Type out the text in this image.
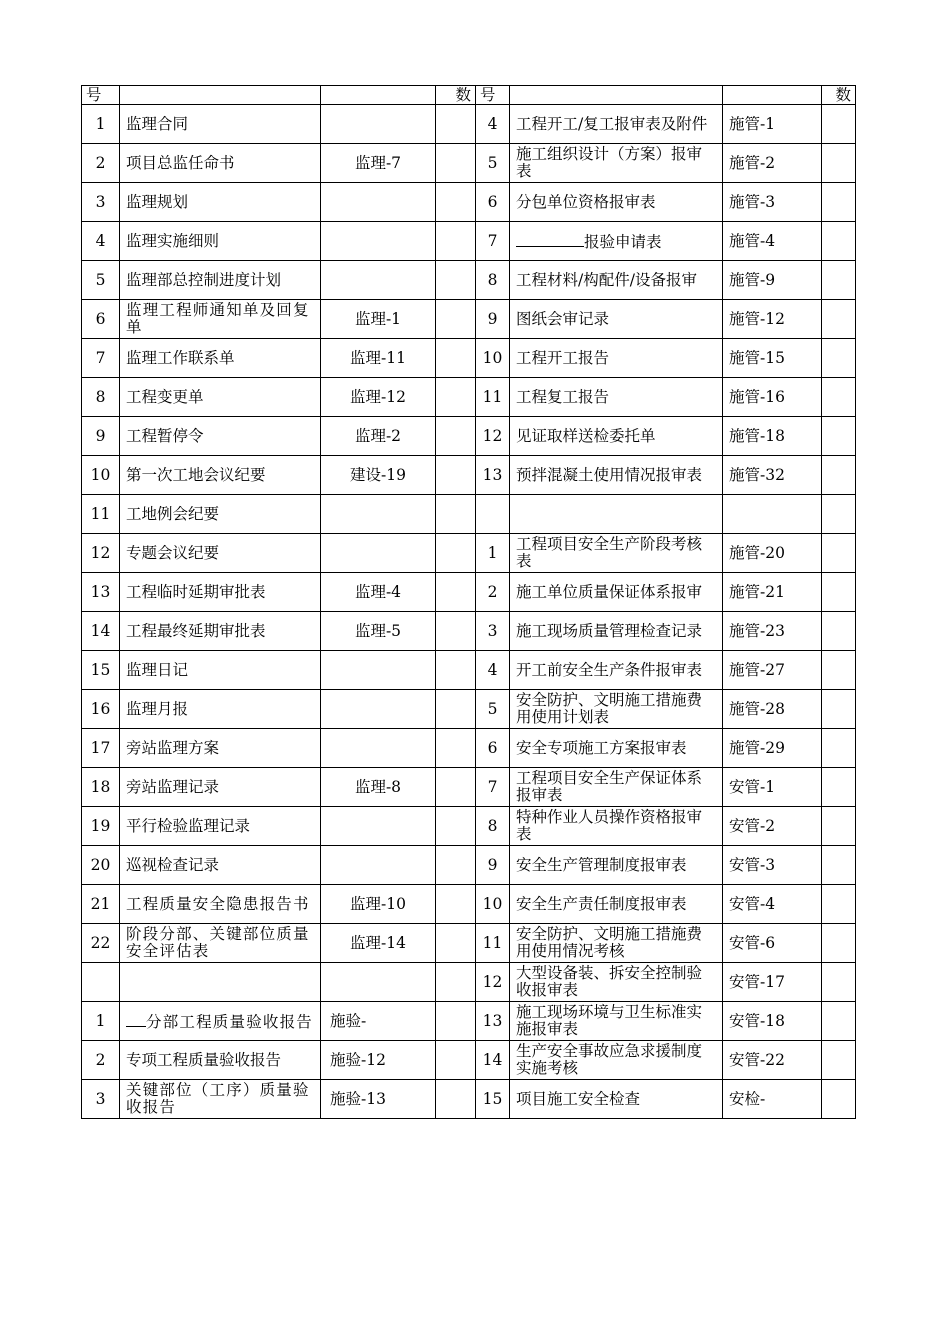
号			数	号			数
1	监理合同			4	工程开工/复工报审表及附件	施管-1	
2	项目总监任命书	监理-7		5	施工组织设计（方案）报审表	施管-2	
3	监理规划			6	分包单位资格报审表	施管-3	
4	监理实施细则			7	报验申请表	施管-4	
5	监理部总控制进度计划			8	工程材料/构配件/设备报审	施管-9	
6	监理工程师通知单及回复单	监理-1		9	图纸会审记录	施管-12	
7	监理工作联系单	监理-11		10	工程开工报告	施管-15	
8	工程变更单	监理-12		11	工程复工报告	施管-16	
9	工程暂停令	监理-2		12	见证取样送检委托单	施管-18	
10	第一次工地会议纪要	建设-19		13	预拌混凝土使用情况报审表	施管-32	
11	工地例会纪要						
12	专题会议纪要			1	工程项目安全生产阶段考核表	施管-20	
13	工程临时延期审批表	监理-4		2	施工单位质量保证体系报审	施管-21	
14	工程最终延期审批表	监理-5		3	施工现场质量管理检查记录	施管-23	
15	监理日记			4	开工前安全生产条件报审表	施管-27	
16	监理月报			5	安全防护、文明施工措施费用使用计划表	施管-28	
17	旁站监理方案			6	安全专项施工方案报审表	施管-29	
18	旁站监理记录	监理-8		7	工程项目安全生产保证体系报审表	安管-1	
19	平行检验监理记录			8	特种作业人员操作资格报审表	安管-2	
20	巡视检查记录			9	安全生产管理制度报审表	安管-3	
21	工程质量安全隐患报告书	监理-10		10	安全生产责任制度报审表	安管-4	
22	阶段分部、关键部位质量安全评估表	监理-14		11	安全防护、文明施工措施费用使用情况考核	安管-6	
				12	大型设备装、拆安全控制验收报审表	安管-17	
1	分部工程质量验收报告	施验-		13	施工现场环境与卫生标准实施报审表	安管-18	
2	专项工程质量验收报告	施验-12		14	生产安全事故应急求援制度实施考核	安管-22	
3	关键部位（工序）质量验收报告	施验-13		15	项目施工安全检查	安检-	
